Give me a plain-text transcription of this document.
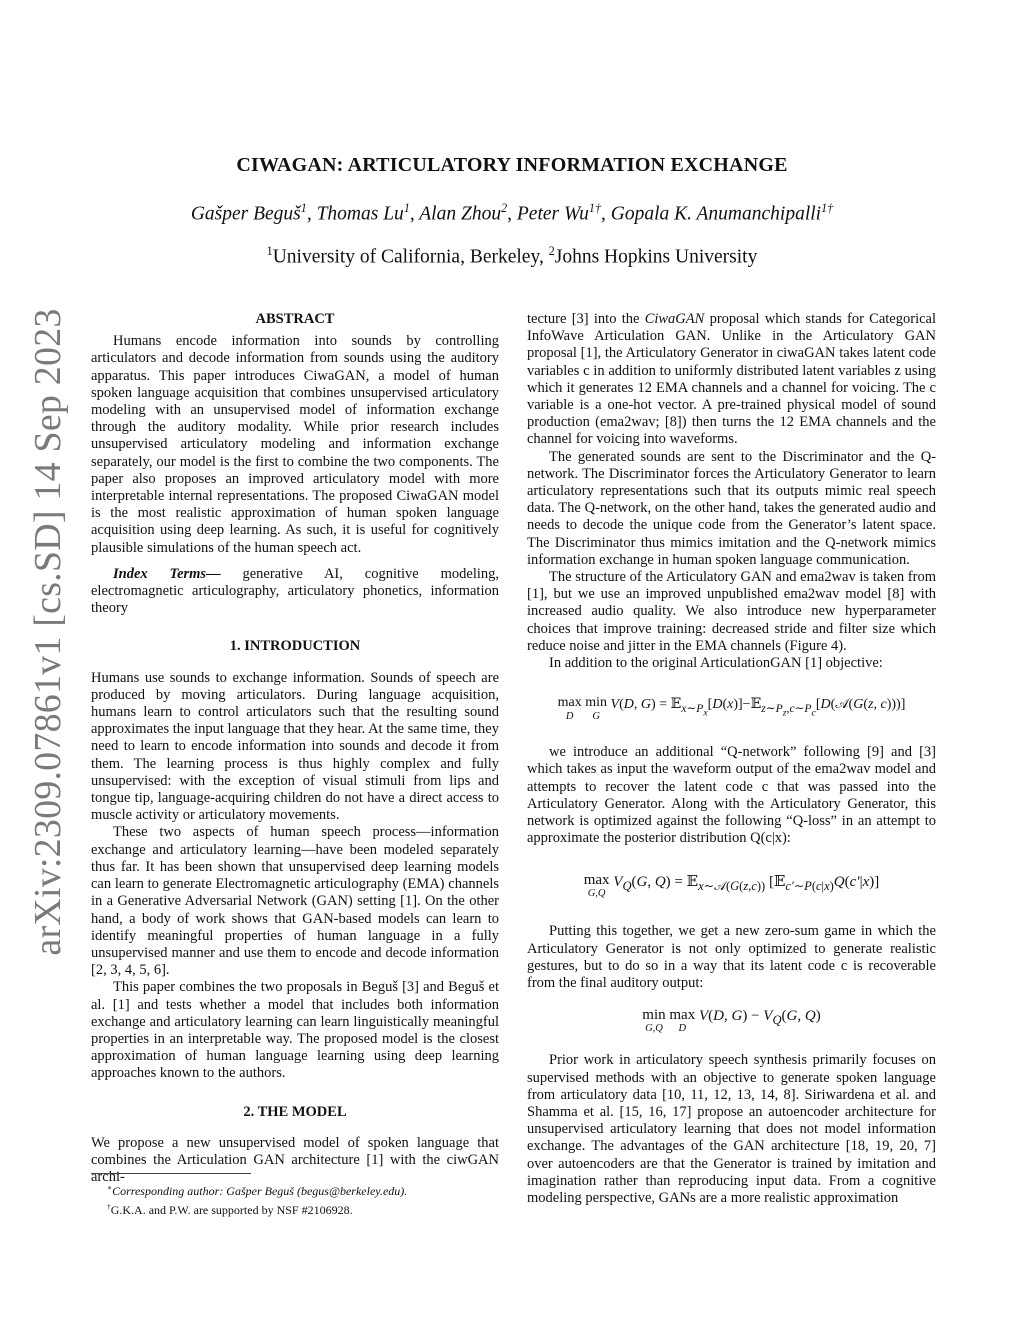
arXiv:2309.07861v1 [cs.SD] 14 Sep 2023
CIWAGAN: ARTICULATORY INFORMATION EXCHANGE
Gašper Beguš$^1$, Thomas Lu$^1$, Alan Zhou$^2$, Peter $Wu^{1\dagger}$, Gopala K. Anumanchipalli$^{1\dagger}$
$^1$University of California, Berkeley, $^2$Johns Hopkins University
ABSTRACT

Humans encode information into sounds by controlling articulators and decode information from sounds using the auditory apparatus. This paper introduces CiwaGAN, a model of human spoken language acquisition that combines unsupervised articulatory modeling with an unsupervised model of information exchange through the auditory modality. While prior research includes unsupervised articulatory modeling and information exchange separately, our model is the first to combine the two components. The paper also proposes an improved articulatory model with more interpretable internal representations. The proposed CiwaGAN model is the most realistic approximation of human spoken language acquisition using deep learning. As such, it is useful for cognitively plausible simulations of the human speech act.

Index Terms— generative AI, cognitive modeling, electromagnetic articulography, articulatory phonetics, information theory

1. INTRODUCTION

Humans use sounds to exchange information. Sounds of speech are produced by moving articulators. During language acquisition, humans learn to control articulators such that the resulting sound approximates the input language that they hear. At the same time, they need to learn to encode information into sounds and decode it from them. The learning process is thus highly complex and fully unsupervised: with the exception of visual stimuli from lips and tongue tip, language-acquiring children do not have a direct access to muscle activity or articulatory movements.

These two aspects of human speech process—information exchange and articulatory learning—have been modeled separately thus far. It has been shown that unsupervised deep learning models can learn to generate Electromagnetic articulography (EMA) channels in a Generative Adversarial Network (GAN) setting [1]. On the other hand, a body of work shows that GAN-based models can learn to identify meaningful properties of human language in a fully unsupervised manner and use them to encode and decode information [2, 3, 4, 5, 6].

This paper combines the two proposals in Beguš [3] and Beguš et al. [1] and tests whether a model that includes both information exchange and articulatory learning can learn linguistically meaningful properties in an interpretable way. The proposed model is the closest approximation of human language learning using deep learning approaches known to the authors.

2. THE MODEL

We propose a new unsupervised model of spoken language that combines the Articulation GAN architecture [1] with the ciwGAN archi-

tecture [3] into the CiwaGAN proposal which stands for Categorical InfoWave Articulation GAN. Unlike in the Articulatory GAN proposal [1], the Articulatory Generator in ciwaGAN takes latent code variables c in addition to uniformly distributed latent variables z using which it generates 12 EMA channels and a channel for voicing. The c variable is a one-hot vector. A pre-trained physical model of sound production (ema2wav; [8]) then turns the 12 EMA channels and the channel for voicing into waveforms.

The generated sounds are sent to the Discriminator and the Q-network. The Discriminator forces the Articulatory Generator to learn articulatory representations such that its outputs mimic real speech data. The Q-network, on the other hand, takes the generated audio and needs to decode the unique code from the Generator’s latent space. The Discriminator thus mimics imitation and the Q-network mimics information exchange in human spoken language communication.

The structure of the Articulatory GAN and ema2wav is taken from [1], but we use an improved unpublished ema2wav model [8] with increased audio quality. We also introduce new hyperparameter choices that improve training: decreased stride and filter size which reduce noise and jitter in the EMA channels (Figure 4).

In addition to the original ArticulationGAN [1] objective:

max
D
min
G
V(D, G) = 𝔼$_{x\sim P_x}$[D(x)]−𝔼$_{z\sim P_z,c\sim P_c}$[D(𝒜(G(z, c)))]

we introduce an additional “Q-network” following [9] and [3] which takes as input the waveform output of the ema2wav model and attempts to recover the latent code c that was passed into the Articulatory Generator. Along with the Articulatory Generator, this network is optimized against the following “Q-loss” in an attempt to approximate the posterior distribution Q(c|x):

max
G,Q
$V_Q(G$, Q) = 𝔼$_{x\sim 𝒜(G(z,c))}$ [𝔼$_{c'\sim P(c|x)}$Q(c′|x)]

Putting this together, we get a new zero-sum game in which the Articulatory Generator is not only optimized to generate realistic gestures, but to do so in a way that its latent code c is recoverable from the final auditory output:

min
G,Q
max
D
V(D, $G) - V_Q(G$, Q)

Prior work in articulatory speech synthesis primarily focuses on supervised methods with an objective to generate spoken language from articulatory data [10, 11, 12, 13, 14, 8]. Siriwardena et al. and Shamma et al. [15, 16, 17] propose an autoencoder architecture for unsupervised articulatory learning that does not model information exchange. The advantages of the GAN architecture [18, 19, 20, 7] over autoencoders are that the Generator is trained by imitation and imagination rather than reproducing input data. From a cognitive modeling perspective, GANs are a more realistic approximation

∗Corresponding author: Gašper Beguš (begus@berkeley.edu).
†G.K.A. and P.W. are supported by NSF #2106928.
